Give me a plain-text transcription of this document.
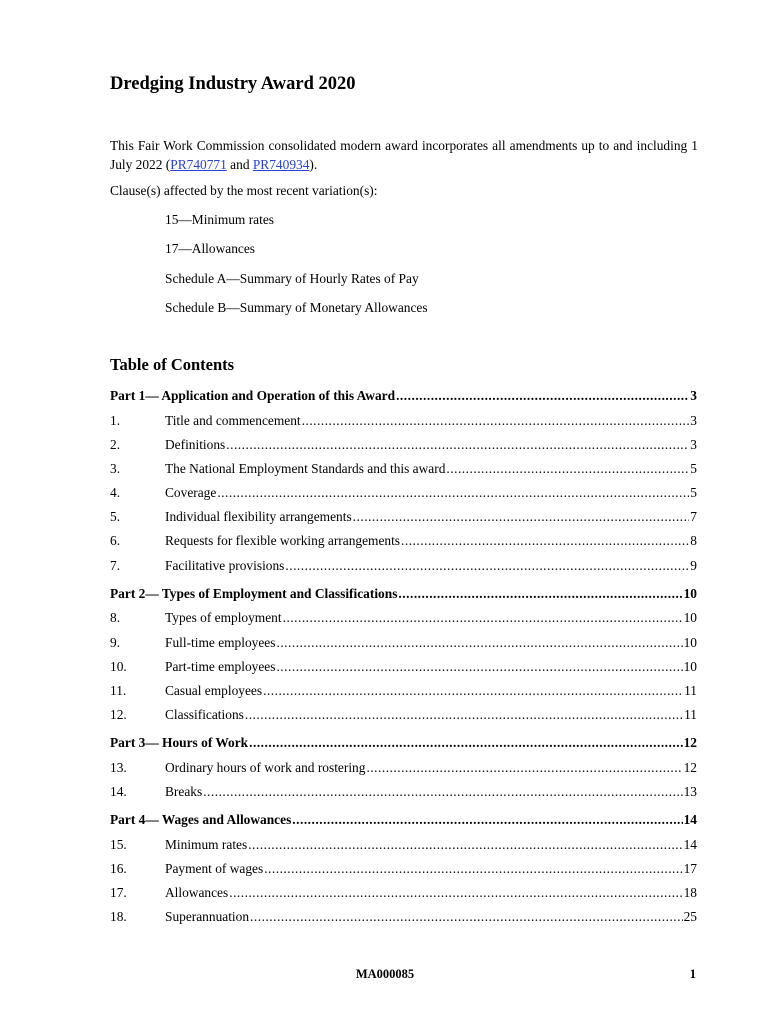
Dredging Industry Award 2020
This Fair Work Commission consolidated modern award incorporates all amendments up to and including 1 July 2022 (PR740771 and PR740934).
Clause(s) affected by the most recent variation(s):
15—Minimum rates
17—Allowances
Schedule A—Summary of Hourly Rates of Pay
Schedule B—Summary of Monetary Allowances
Table of Contents
Part 1— Application and Operation of this Award .....	3
1.	Title and commencement .....	3
2.	Definitions .....	3
3.	The National Employment Standards and this award .....	5
4.	Coverage .....	5
5.	Individual flexibility arrangements .....	7
6.	Requests for flexible working arrangements .....	8
7.	Facilitative provisions .....	9
Part 2— Types of Employment and Classifications .....	10
8.	Types of employment .....	10
9.	Full-time employees .....	10
10.	Part-time employees .....	10
11.	Casual employees .....	11
12.	Classifications .....	11
Part 3— Hours of Work .....	12
13.	Ordinary hours of work and rostering .....	12
14.	Breaks .....	13
Part 4— Wages and Allowances .....	14
15.	Minimum rates .....	14
16.	Payment of wages .....	17
17.	Allowances .....	18
18.	Superannuation .....	25
MA000085	1
